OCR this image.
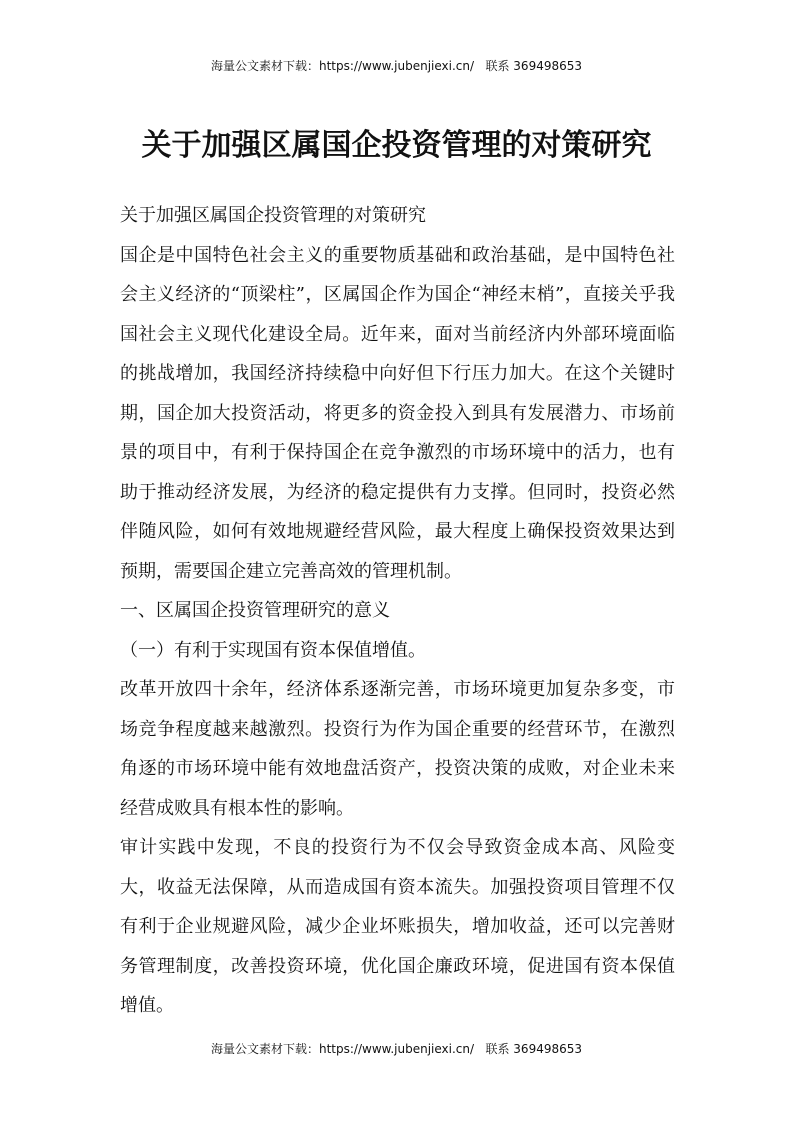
海量公文素材下载：https://www.jubenjiexi.cn/   联系 369498653
关于加强区属国企投资管理的对策研究

关于加强区属国企投资管理的对策研究

国企是中国特色社会主义的重要物质基础和政治基础，是中国特色社会主义经济的“顶梁柱”，区属国企作为国企“神经末梢”，直接关乎我国社会主义现代化建设全局。近年来，面对当前经济内外部环境面临的挑战增加，我国经济持续稳中向好但下行压力加大。在这个关键时期，国企加大投资活动，将更多的资金投入到具有发展潜力、市场前景的项目中，有利于保持国企在竞争激烈的市场环境中的活力，也有助于推动经济发展，为经济的稳定提供有力支撑。但同时，投资必然伴随风险，如何有效地规避经营风险，最大程度上确保投资效果达到预期，需要国企建立完善高效的管理机制。

一、区属国企投资管理研究的意义

（一）有利于实现国有资本保值增值。

改革开放四十余年，经济体系逐渐完善，市场环境更加复杂多变，市场竞争程度越来越激烈。投资行为作为国企重要的经营环节，在激烈角逐的市场环境中能有效地盘活资产，投资决策的成败，对企业未来经营成败具有根本性的影响。

审计实践中发现，不良的投资行为不仅会导致资金成本高、风险变大，收益无法保障，从而造成国有资本流失。加强投资项目管理不仅有利于企业规避风险，减少企业坏账损失，增加收益，还可以完善财务管理制度，改善投资环境，优化国企廉政环境，促进国有资本保值增值。

海量公文素材下载：https://www.jubenjiexi.cn/   联系 369498653
